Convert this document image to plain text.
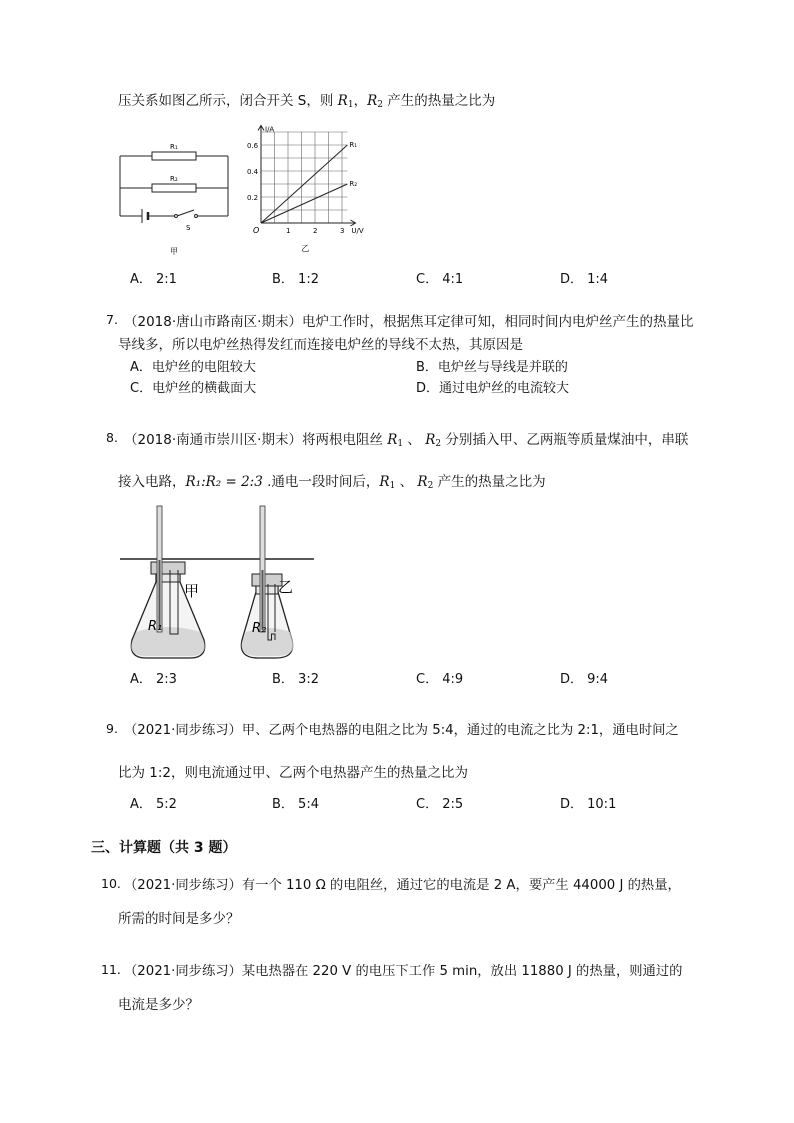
压关系如图乙所示，闭合开关 S，则 $R_1$，$R_2$ 产生的热量之比为
R₁
R₂
S
甲
0.2
0.4
0.6
1	2	3
I/A
U/V
O
R₁
R₂
乙
A． 2:1	B． 1:2	C． 4:1	D． 1:4
7. （2018·唐山市路南区·期末）电炉工作时，根据焦耳定律可知，相同时间内电炉丝产生的热量比
导线多，所以电炉丝热得发红而连接电炉丝的导线不太热，其原因是
A．电炉丝的电阻较大	B．电炉丝与导线是并联的
C．电炉丝的横截面大	D．通过电炉丝的电流较大
8. （2018·南通市崇川区·期末）将两根电阻丝 $R_1$ 、 $R_2$ 分别插入甲、乙两瓶等质量煤油中，串联
接入电路，R₁:R₂ = 2:3 .通电一段时间后，$R_1$ 、 $R_2$ 产生的热量之比为
甲
R₁
乙
R₂
A． 2:3	B． 3:2	C． 4:9	D． 9:4
9. （2021·同步练习）甲、乙两个电热器的电阻之比为 5:4，通过的电流之比为 2:1，通电时间之
比为 1:2，则电流通过甲、乙两个电热器产生的热量之比为
A． 5:2	B． 5:4	C． 2:5	D． 10:1
三、计算题（共 3 题）
10. （2021·同步练习）有一个 110 Ω 的电阻丝，通过它的电流是 2 A，要产生 44000 J 的热量，
所需的时间是多少？
11. （2021·同步练习）某电热器在 220 V 的电压下工作 5 min，放出 11880 J 的热量，则通过的
电流是多少？
